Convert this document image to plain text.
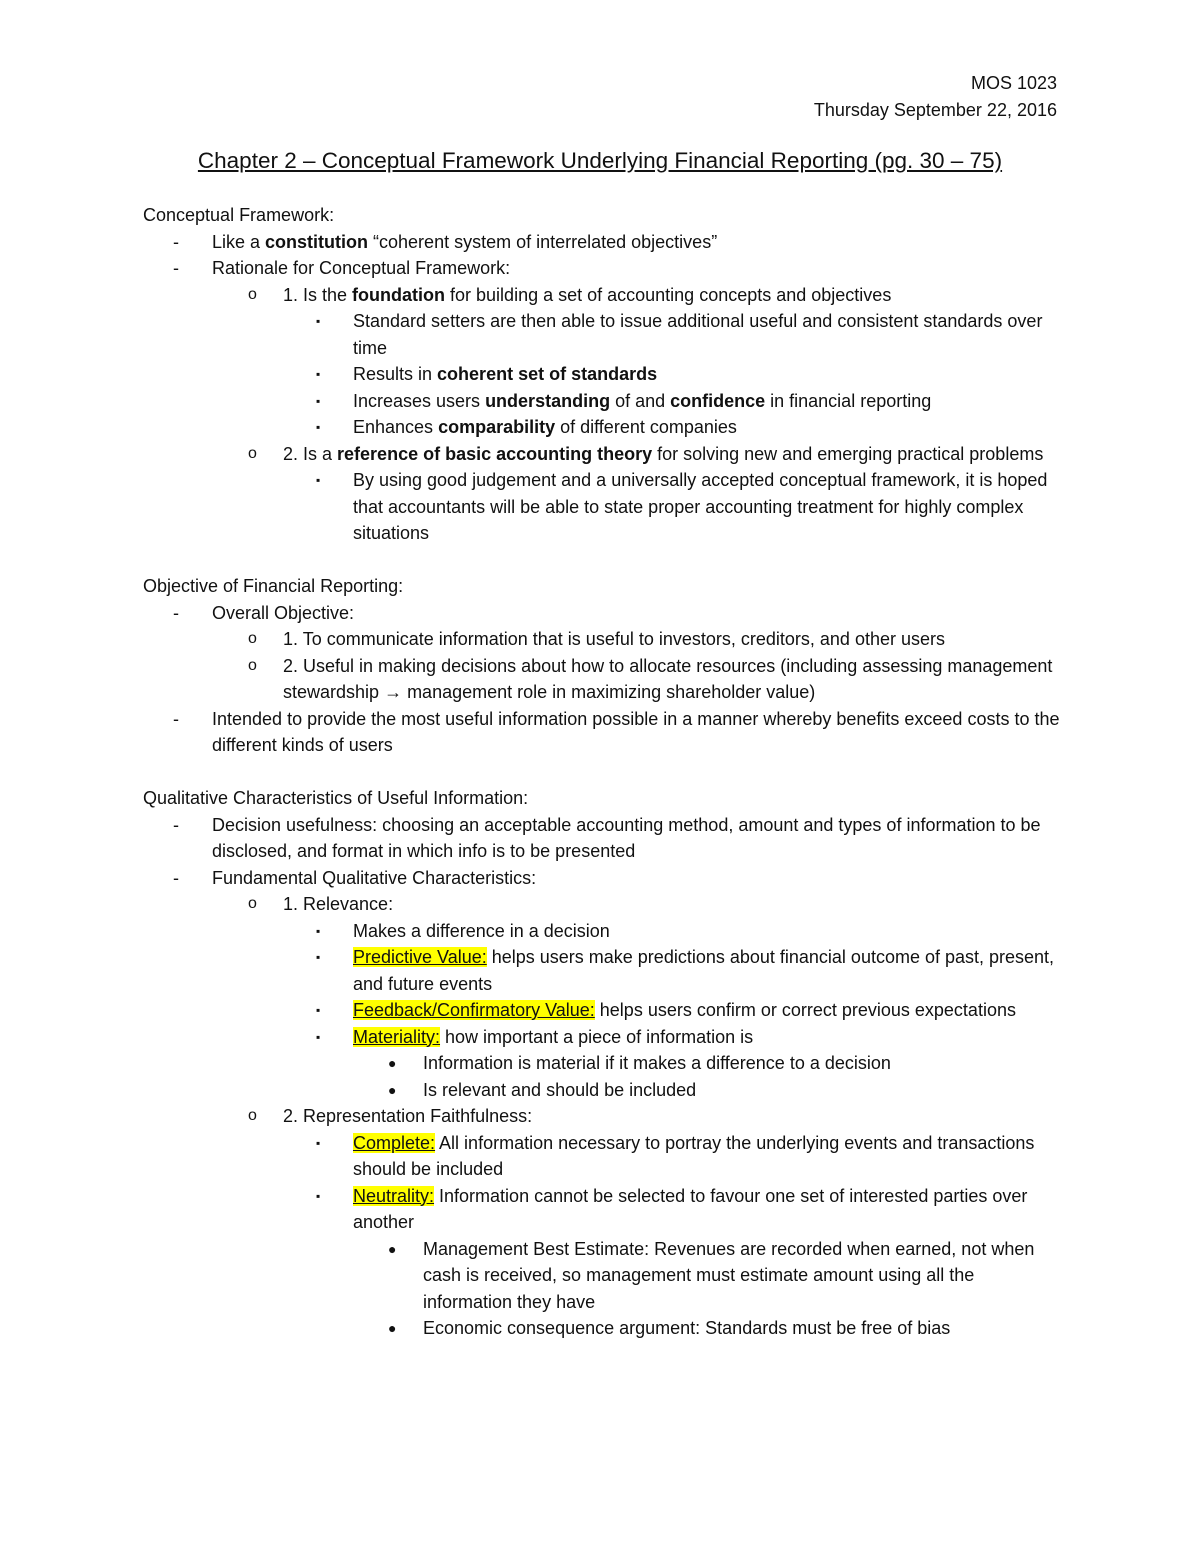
MOS 1023
Thursday September 22, 2016
Chapter 2 – Conceptual Framework Underlying Financial Reporting (pg. 30 – 75)
Conceptual Framework:
- Like a constitution “coherent system of interrelated objectives”
- Rationale for Conceptual Framework:
o 1. Is the foundation for building a set of accounting concepts and objectives
▪ Standard setters are then able to issue additional useful and consistent standards over time
▪ Results in coherent set of standards
▪ Increases users understanding of and confidence in financial reporting
▪ Enhances comparability of different companies
o 2. Is a reference of basic accounting theory for solving new and emerging practical problems
▪ By using good judgement and a universally accepted conceptual framework, it is hoped that accountants will be able to state proper accounting treatment for highly complex situations
Objective of Financial Reporting:
- Overall Objective:
o 1. To communicate information that is useful to investors, creditors, and other users
o 2. Useful in making decisions about how to allocate resources (including assessing management stewardship → management role in maximizing shareholder value)
- Intended to provide the most useful information possible in a manner whereby benefits exceed costs to the different kinds of users
Qualitative Characteristics of Useful Information:
- Decision usefulness: choosing an acceptable accounting method, amount and types of information to be disclosed, and format in which info is to be presented
- Fundamental Qualitative Characteristics:
o 1. Relevance:
▪ Makes a difference in a decision
▪ Predictive Value: helps users make predictions about financial outcome of past, present, and future events
▪ Feedback/Confirmatory Value: helps users confirm or correct previous expectations
▪ Materiality: how important a piece of information is
● Information is material if it makes a difference to a decision
● Is relevant and should be included
o 2. Representation Faithfulness:
▪ Complete: All information necessary to portray the underlying events and transactions should be included
▪ Neutrality: Information cannot be selected to favour one set of interested parties over another
● Management Best Estimate: Revenues are recorded when earned, not when cash is received, so management must estimate amount using all the information they have
● Economic consequence argument: Standards must be free of bias
